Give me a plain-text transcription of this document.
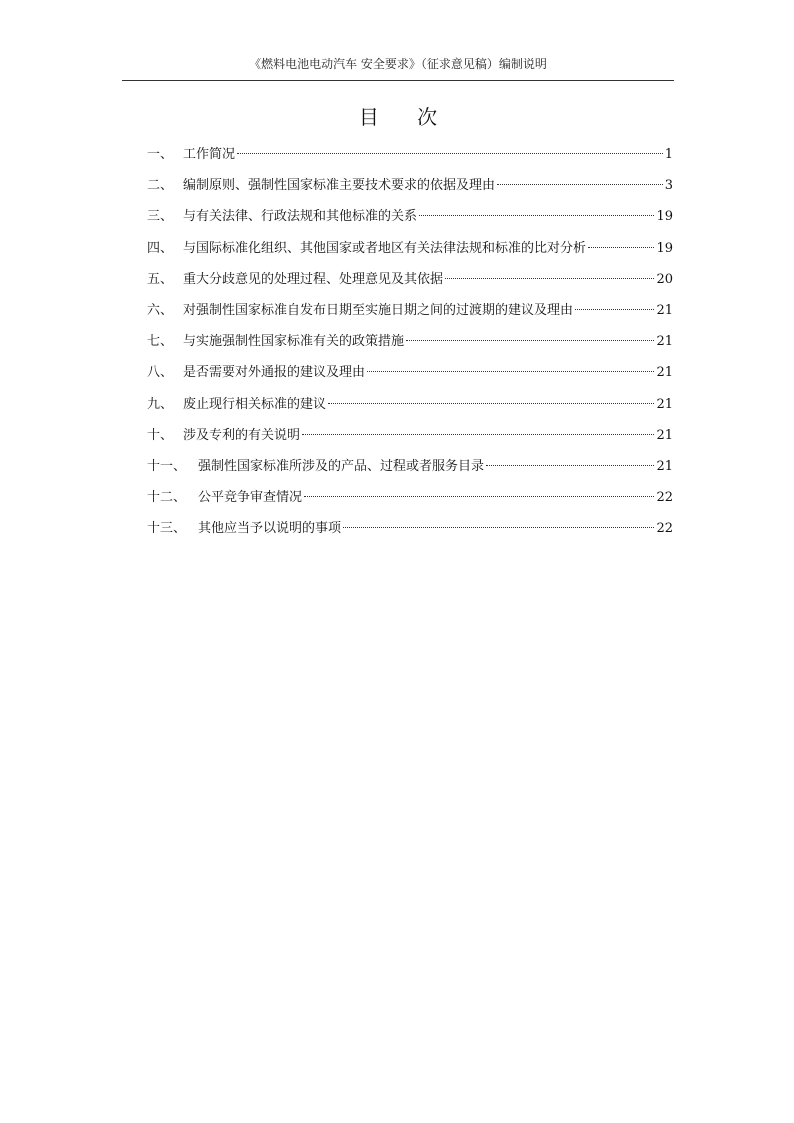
《燃料电池电动汽车 安全要求》（征求意见稿）编制说明
目 次
一、 工作简况	1
二、 编制原则、强制性国家标准主要技术要求的依据及理由	3
三、 与有关法律、行政法规和其他标准的关系	19
四、 与国际标准化组织、其他国家或者地区有关法律法规和标准的比对分析	19
五、 重大分歧意见的处理过程、处理意见及其依据	20
六、 对强制性国家标准自发布日期至实施日期之间的过渡期的建议及理由	21
七、 与实施强制性国家标准有关的政策措施	21
八、 是否需要对外通报的建议及理由	21
九、 废止现行相关标准的建议	21
十、 涉及专利的有关说明	21
十一、 强制性国家标准所涉及的产品、过程或者服务目录	21
十二、 公平竞争审查情况	22
十三、 其他应当予以说明的事项	22
